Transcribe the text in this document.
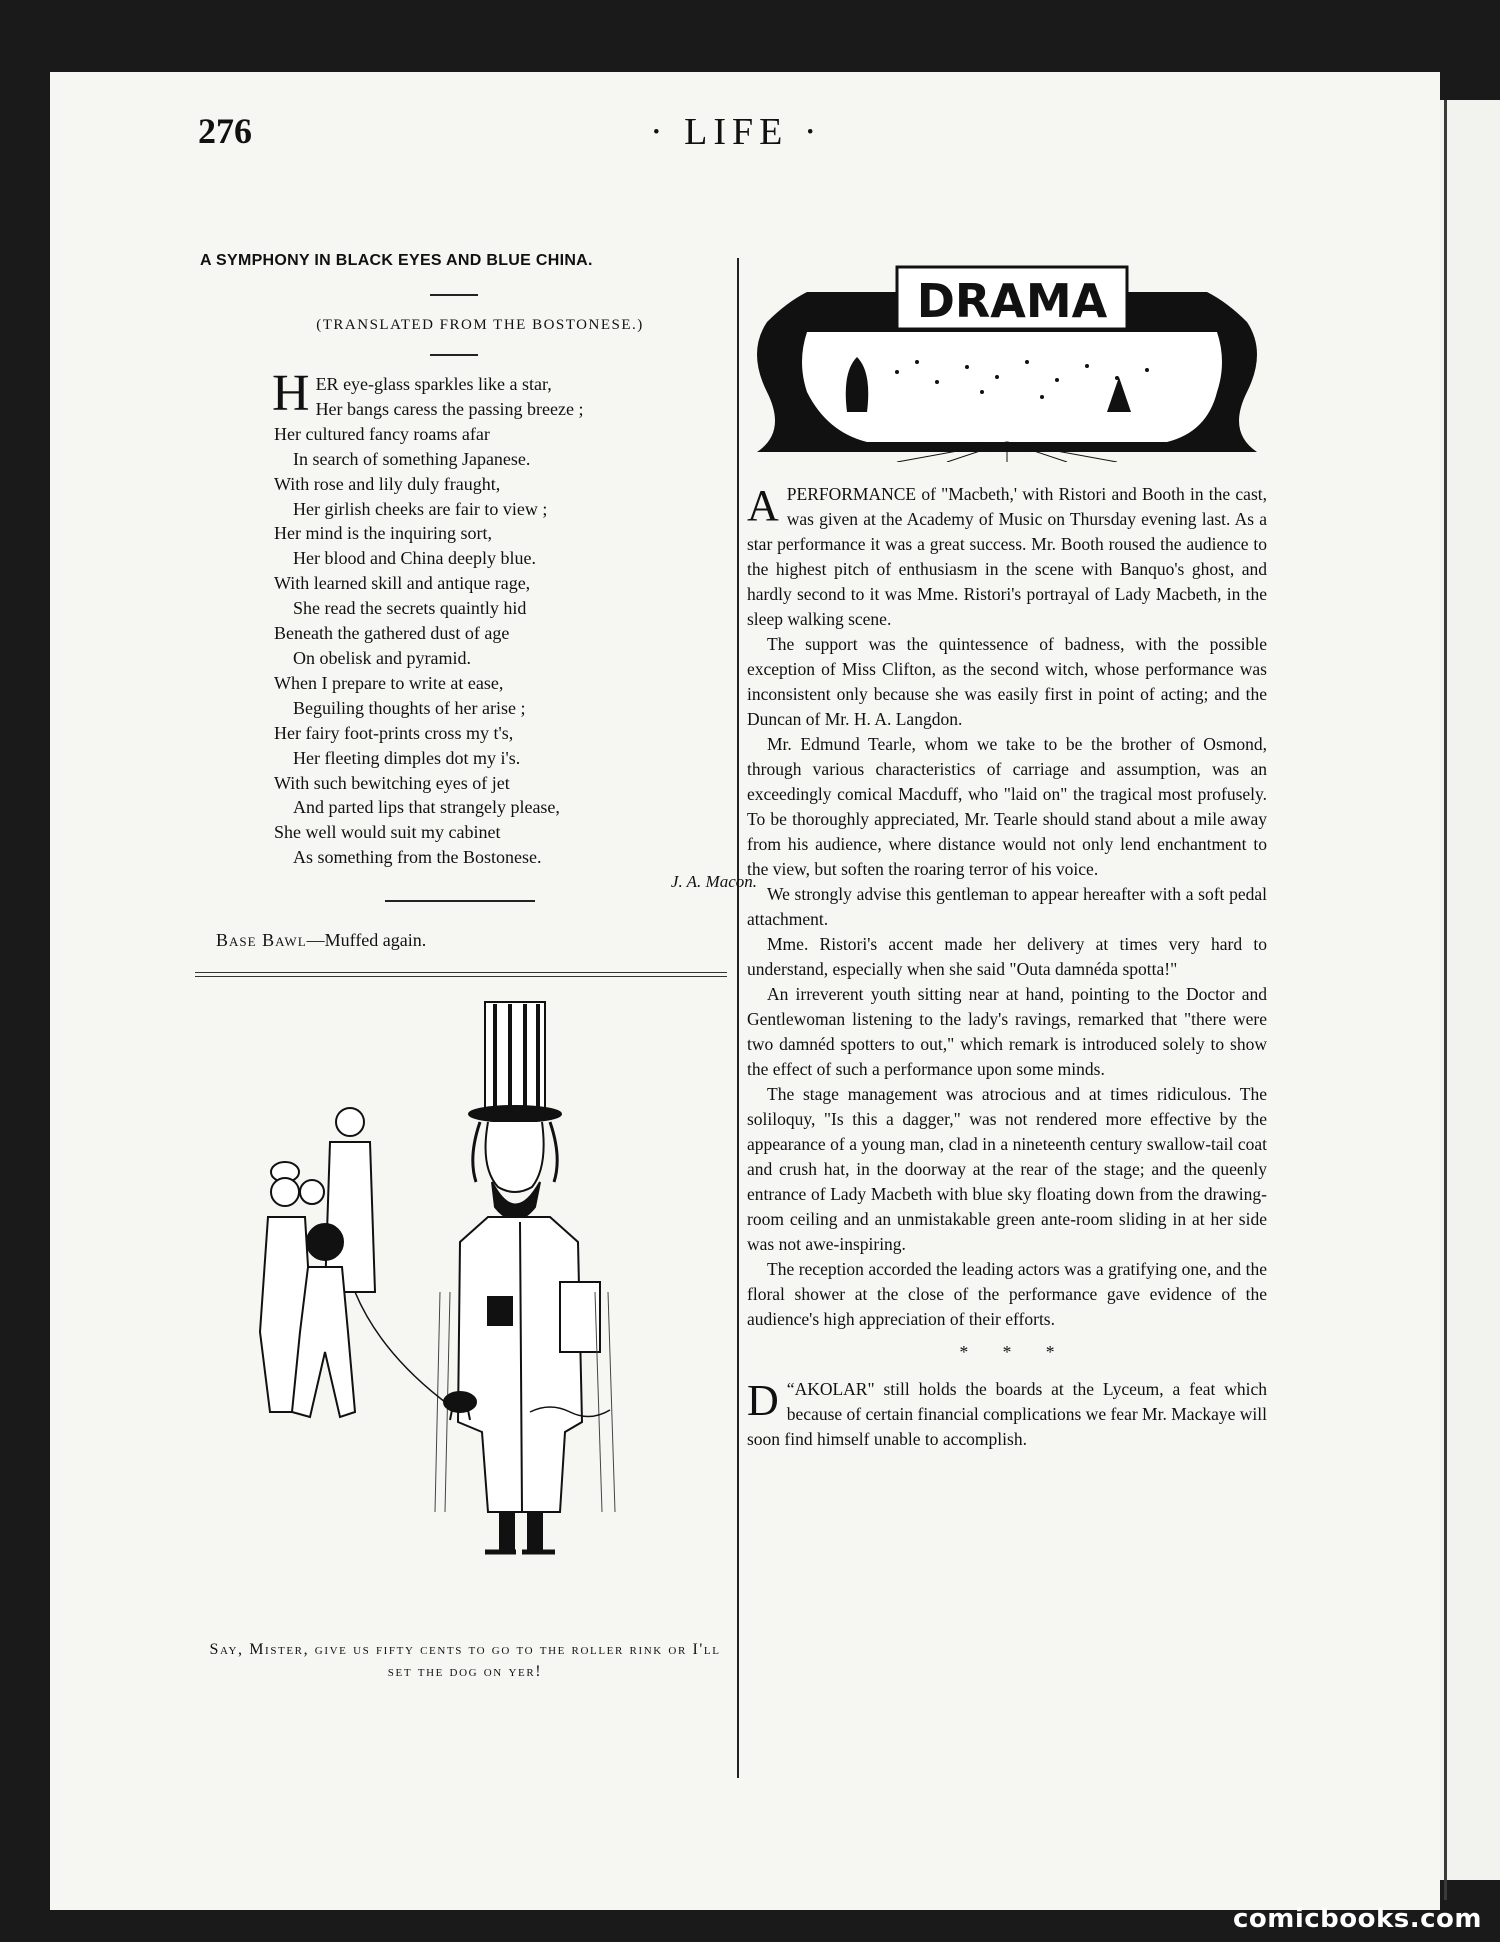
276	· LIFE ·
A SYMPHONY IN BLACK EYES AND BLUE CHINA.
(TRANSLATED FROM THE BOSTONESE.)
HER eye-glass sparkles like a star,
Her bangs caress the passing breeze ;
Her cultured fancy roams afar
In search of something Japanese.
With rose and lily duly fraught,
Her girlish cheeks are fair to view ;
Her mind is the inquiring sort,
Her blood and China deeply blue.
With learned skill and antique rage,
She read the secrets quaintly hid
Beneath the gathered dust of age
On obelisk and pyramid.
When I prepare to write at ease,
Beguiling thoughts of her arise ;
Her fairy foot-prints cross my t's,
Her fleeting dimples dot my i's.
With such bewitching eyes of jet
And parted lips that strangely please,
She well would suit my cabinet
As something from the Bostonese.
J. A. Macon.
Base Bawl—Muffed again.
Say, Mister, give us fifty cents to go to the roller rink or I'll set the dog on yer!
DRAMA

APERFORMANCE of "Macbeth,' with Ristori and Booth in the cast, was given at the Academy of Music on Thursday evening last. As a star performance it was a great success. Mr. Booth roused the audience to the highest pitch of enthusiasm in the scene with Banquo's ghost, and hardly second to it was Mme. Ristori's portrayal of Lady Macbeth, in the sleep walking scene.

The support was the quintessence of badness, with the possible exception of Miss Clifton, as the second witch, whose performance was inconsistent only because she was easily first in point of acting; and the Duncan of Mr. H. A. Langdon.

Mr. Edmund Tearle, whom we take to be the brother of Osmond, through various characteristics of carriage and assumption, was an exceedingly comical Macduff, who "laid on" the tragical most profusely. To be thoroughly appreciated, Mr. Tearle should stand about a mile away from his audience, where distance would not only lend enchantment to the view, but soften the roaring terror of his voice.

We strongly advise this gentleman to appear hereafter with a soft pedal attachment.

Mme. Ristori's accent made her delivery at times very hard to understand, especially when she said "Outa damnéda spotta!"

An irreverent youth sitting near at hand, pointing to the Doctor and Gentlewoman listening to the lady's ravings, remarked that "there were two damnéd spotters to out," which remark is introduced solely to show the effect of such a performance upon some minds.

The stage management was atrocious and at times ridiculous. The soliloquy, "Is this a dagger," was not rendered more effective by the appearance of a young man, clad in a nineteenth century swallow-tail coat and crush hat, in the doorway at the rear of the stage; and the queenly entrance of Lady Macbeth with blue sky floating down from the drawing-room ceiling and an unmistakable green ante-room sliding in at her side was not awe-inspiring.

The reception accorded the leading actors was a gratifying one, and the floral shower at the close of the performance gave evidence of the audience's high appreciation of their efforts.

* * *

“
D AKOLAR" still holds the boards at the Lyceum, a feat which because of certain financial complications we fear Mr. Mackaye will soon find himself unable to accomplish.

comicbooks.com
